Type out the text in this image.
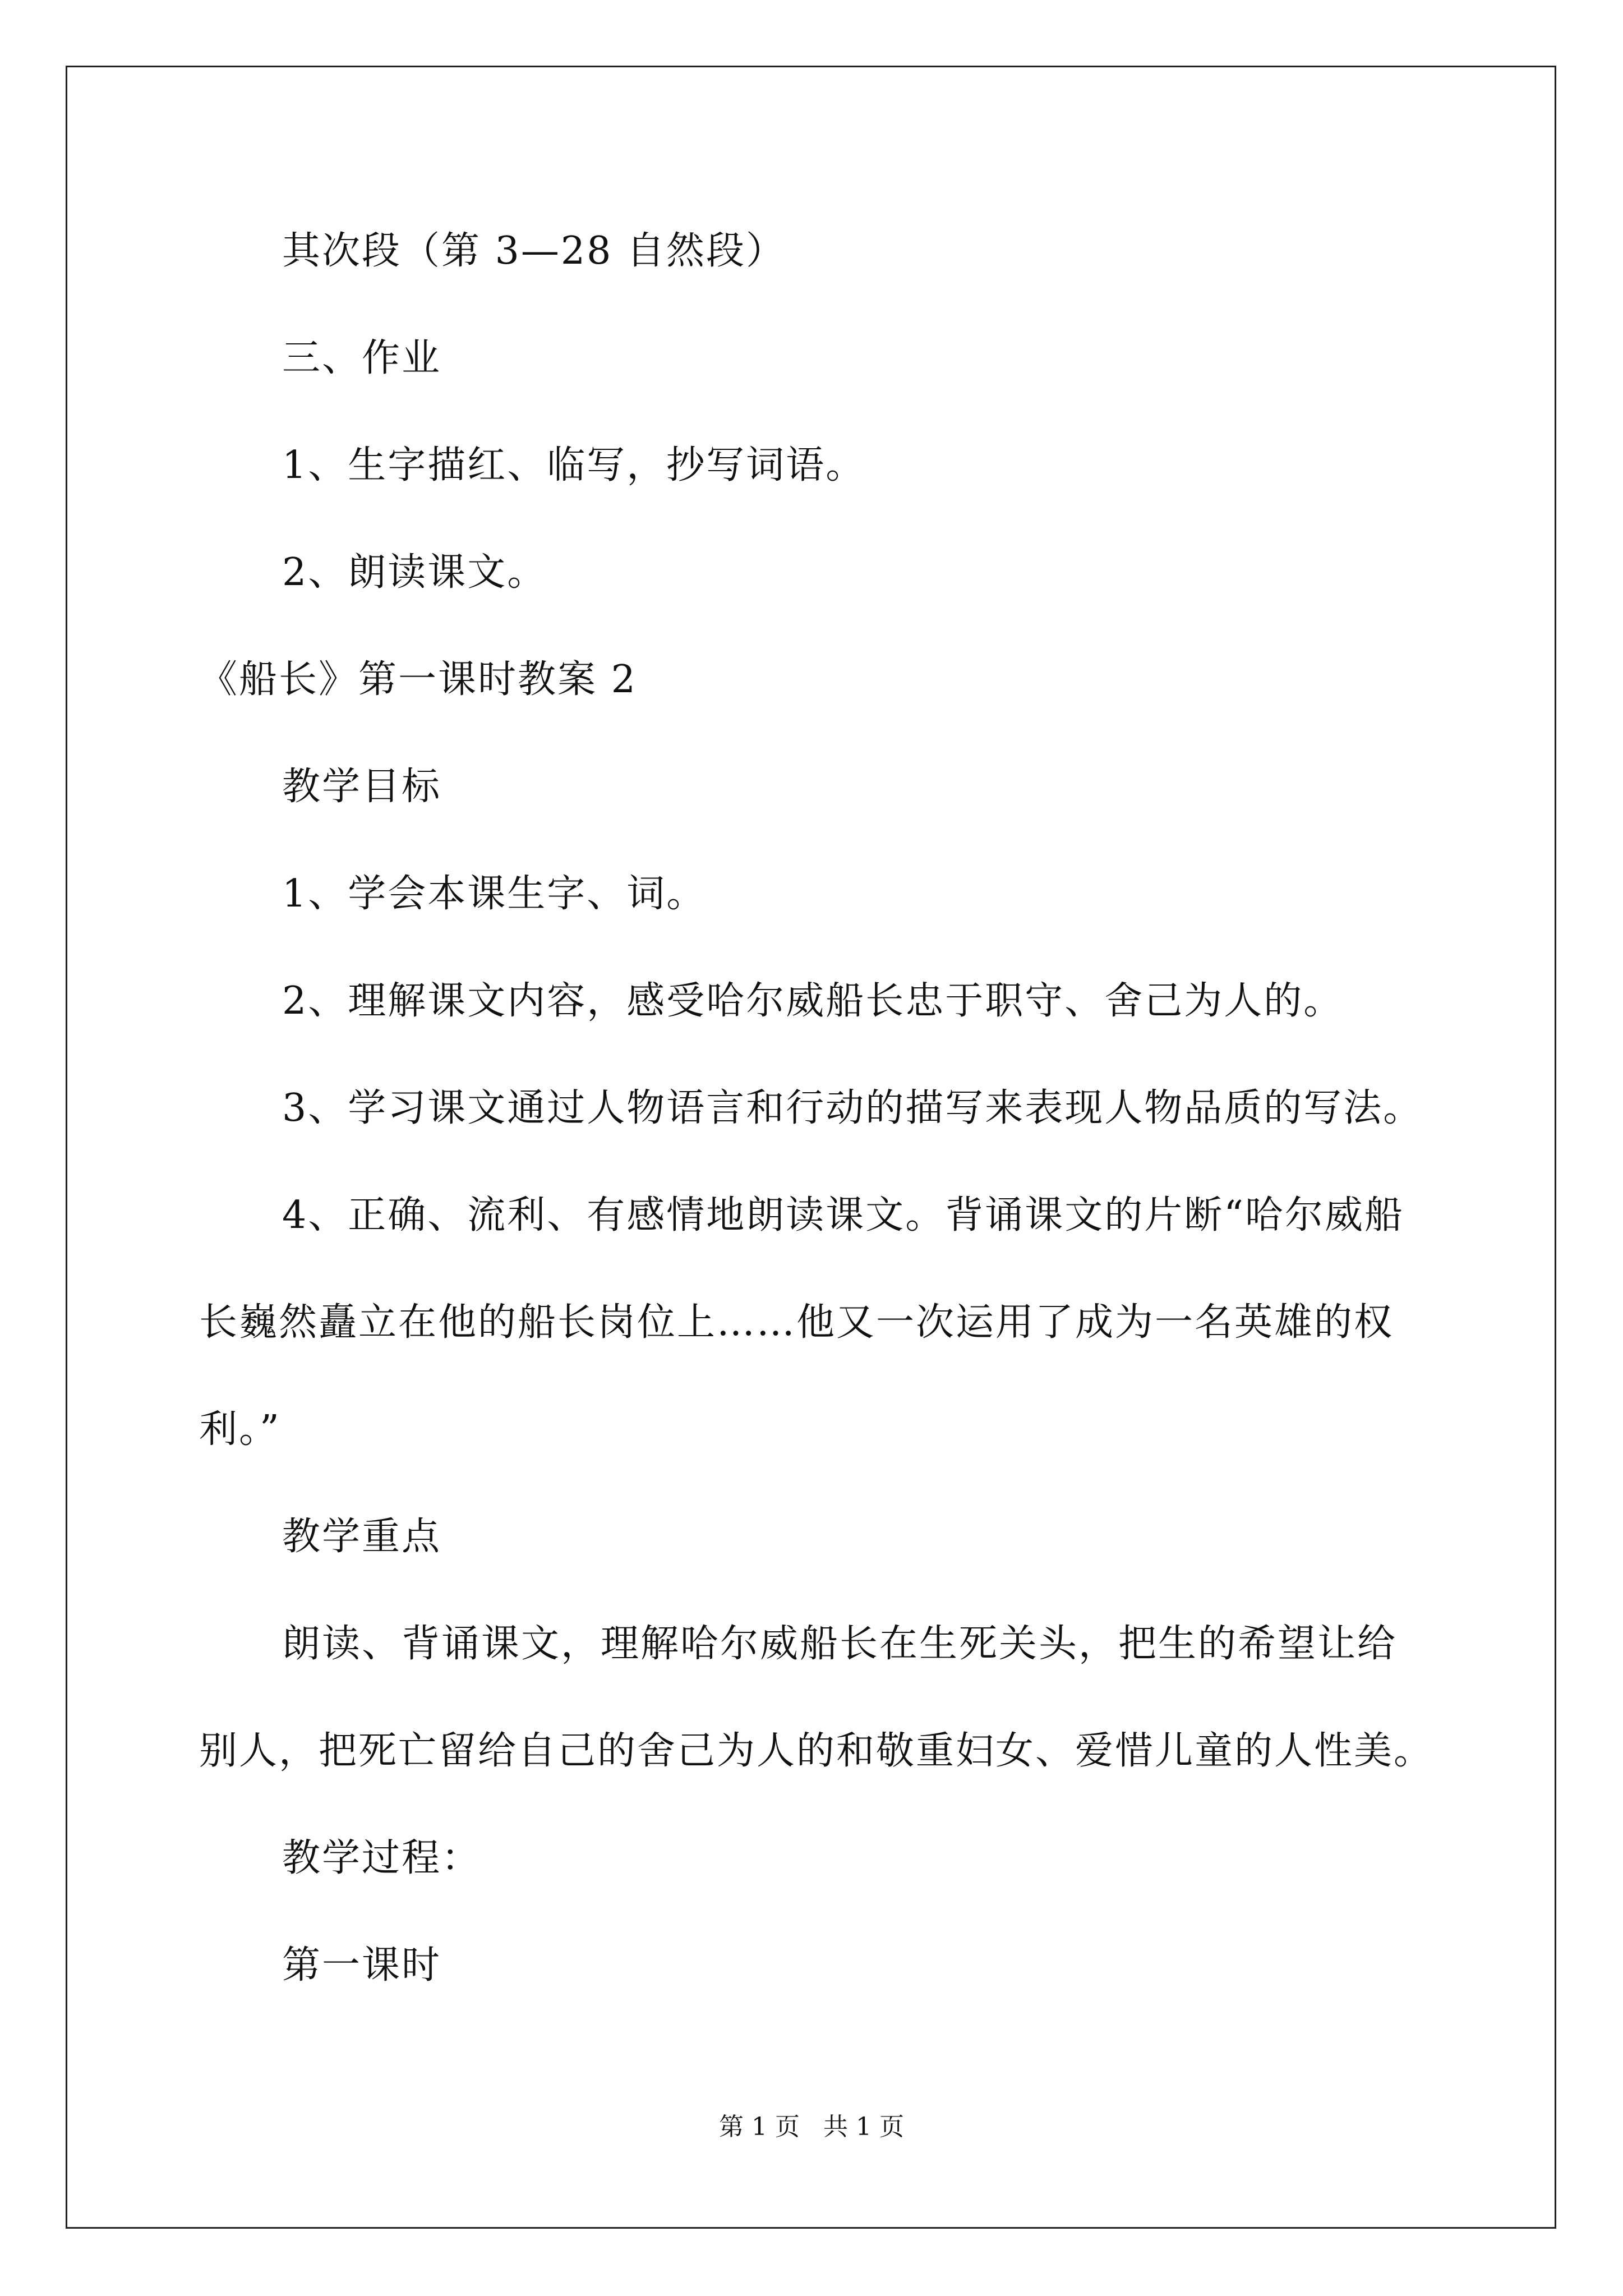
其次段（第 3—28 自然段）
三、作业
1、生字描红、临写，抄写词语。
2、朗读课文。
《船长》第一课时教案 2
教学目标
1、学会本课生字、词。
2、理解课文内容，感受哈尔威船长忠于职守、舍己为人的。
3、学习课文通过人物语言和行动的描写来表现人物品质的写法。
4、正确、流利、有感情地朗读课文。背诵课文的片断“哈尔威船
长巍然矗立在他的船长岗位上……他又一次运用了成为一名英雄的权
利。”
教学重点
朗读、背诵课文，理解哈尔威船长在生死关头，把生的希望让给
别人，把死亡留给自己的舍己为人的和敬重妇女、爱惜儿童的人性美。
教学过程：
第一课时
第 1 页   共 1 页
